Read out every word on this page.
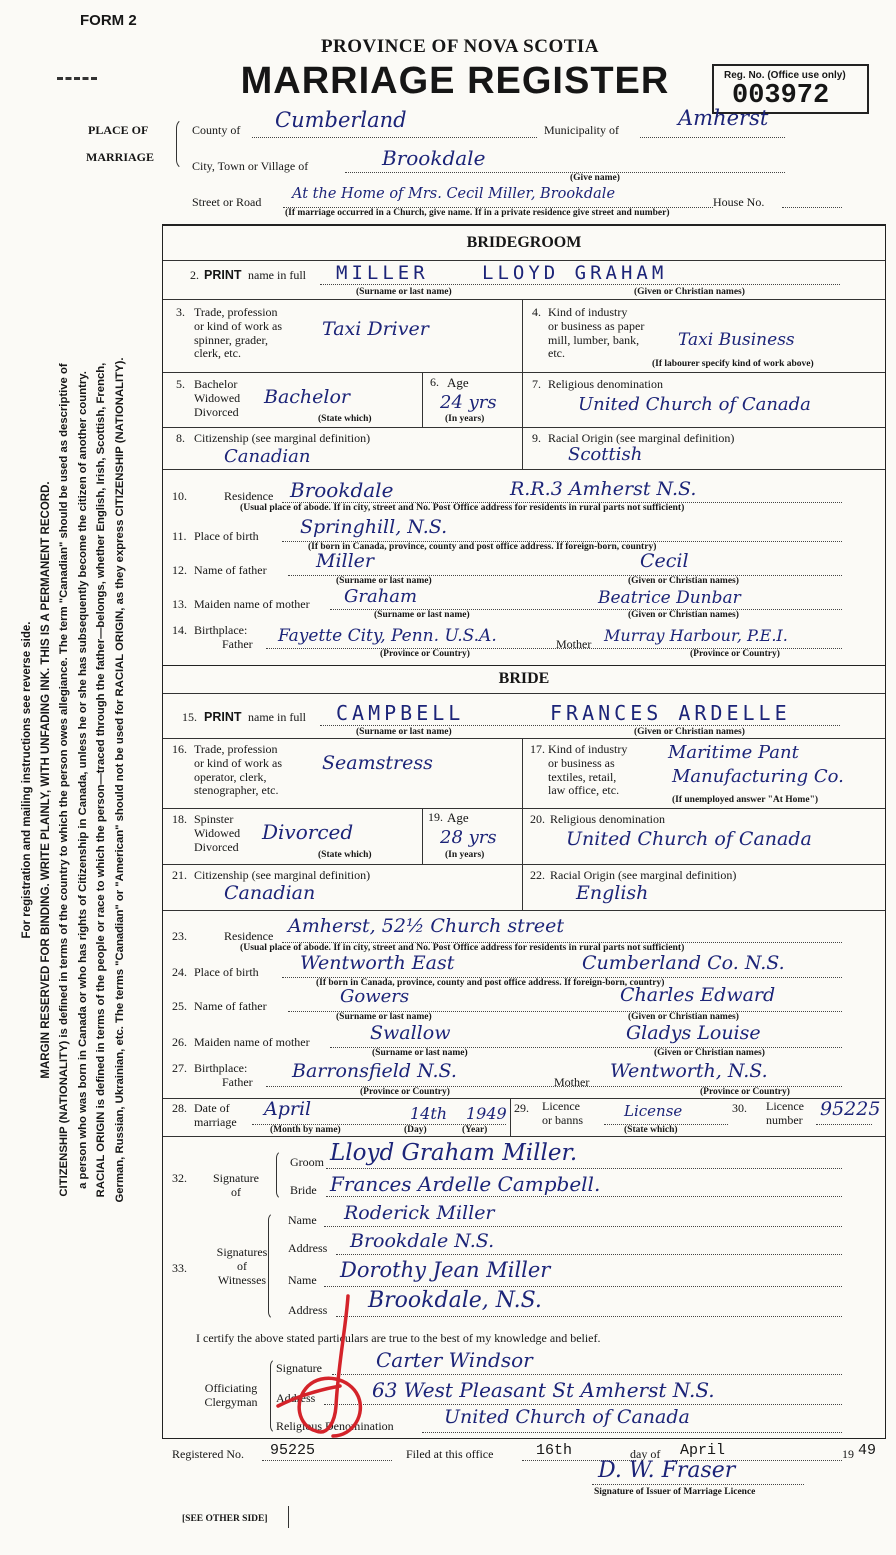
FORM 2
PROVINCE OF NOVA SCOTIA
MARRIAGE REGISTER	Reg. No. (Office use only)
003972
For registration and mailing instructions see reverse side. MARGIN RESERVED FOR BINDING. WRITE PLAINLY, WITH UNFADING INK. THIS IS A PERMANENT RECORD. CITIZENSHIP (NATIONALITY) is defined in terms of the country to which the person owes allegiance. The term "Canadian" should be used as descriptive of a person who was born in Canada or who has rights of Citizenship in Canada, unless he or she has subsequently become the citizen of another country. RACIAL ORIGIN is defined in terms of the people or race to which the person—traced through the father—belongs, whether English, Irish, Scottish, French, German, Russian, Ukrainian, etc. The terms "Canadian" or "American" should not be used for RACIAL ORIGIN, as they express CITIZENSHIP (NATIONALITY).
PLACE OF
MARRIAGE
County of Cumberland	Municipality of	Amherst
City, Town or Village of	Brookdale
(Give name)
Street or Road At the Home of Mrs. Cecil Miller, Brookdale	House No.
(If marriage occurred in a Church, give name. If in a private residence give street and number)
BRIDEGROOM
2. PRINT name in full MILLER	LLOYD GRAHAM
(Surname or last name)	(Given or Christian names)
3. Trade, profession
or kind of work as
spinner, grader,
clerk, etc.
Taxi Driver
4. Kind of industry
or business as paper
mill, lumber, bank,
etc.
Taxi Business
(If labourer specify kind of work above)
5. Bachelor
Widowed
Divorced
Bachelor
(State which)
6. Age
24 yrs
(In years)
7. Religious denomination
United Church of Canada
8. Citizenship (see marginal definition)
Canadian
9. Racial Origin (see marginal definition)
Scottish
10.	Residence Brookdale	R.R.3 Amherst N.S.
(Usual place of abode. If in city, street and No. Post Office address for residents in rural parts not sufficient)
11. Place of birth Springhill, N.S.
(If born in Canada, province, county and post office address. If foreign-born, country)
12. Name of father	Miller	Cecil
(Surname or last name)	(Given or Christian names)
13. Maiden name of mother Graham	Beatrice Dunbar
(Surname or last name)	(Given or Christian names)
14. Birthplace:
Father Fayette City, Penn. U.S.A.	Mother Murray Harbour, P.E.I.
(Province or Country)	(Province or Country)
BRIDE
15. PRINT name in full CAMPBELL	FRANCES ARDELLE
(Surname or last name)	(Given or Christian names)
16. Trade, profession
or kind of work as
operator, clerk,
stenographer, etc.
Seamstress
17. Kind of industry
or business as
textiles, retail,
law office, etc.
Maritime Pant
Manufacturing Co.
(If unemployed answer "At Home")
18. Spinster
Widowed
Divorced
Divorced
(State which)
19. Age
28 yrs
(In years)
20. Religious denomination
United Church of Canada
21. Citizenship (see marginal definition)
Canadian
22. Racial Origin (see marginal definition)
English
23.	Residence Amherst, 52½ Church street
(Usual place of abode. If in city, street and No. Post Office address for residents in rural parts not sufficient)
24. Place of birth Wentworth East	Cumberland Co. N.S.
(If born in Canada, province, county and post office address. If foreign-born, country)
25. Name of father	Gowers	Charles Edward
(Surname or last name)	(Given or Christian names)
26. Maiden name of mother	Swallow	Gladys Louise
(Surname or last name)	(Given or Christian names)
27. Birthplace:
Father Barronsfield N.S.	Mother Wentworth, N.S.
(Province or Country)	(Province or Country)
28. Date of
marriage
April	14th 1949
(Month by name)	(Day)	(Year)
29. Licence
or banns	License
(State which)
30. Licence
number 95225
32.	Signature
of
Groom Lloyd Graham Miller.
Bride Frances Ardelle Campbell.
33.
Signatures
of
Witnesses
Name Roderick Miller
Address Brookdale N.S.
Name Dorothy Jean Miller
Address Brookdale, N.S.
I certify the above stated particulars are true to the best of my knowledge and belief.
Officiating
Clergyman
Signature	Carter Windsor
Address	63 West Pleasant St Amherst N.S.
Religious Denomination	United Church of Canada
Registered No. 95225	Filed at this office	16th	day of April	19 49
D. W. Fraser
Signature of Issuer of Marriage Licence
[SEE OTHER SIDE]
